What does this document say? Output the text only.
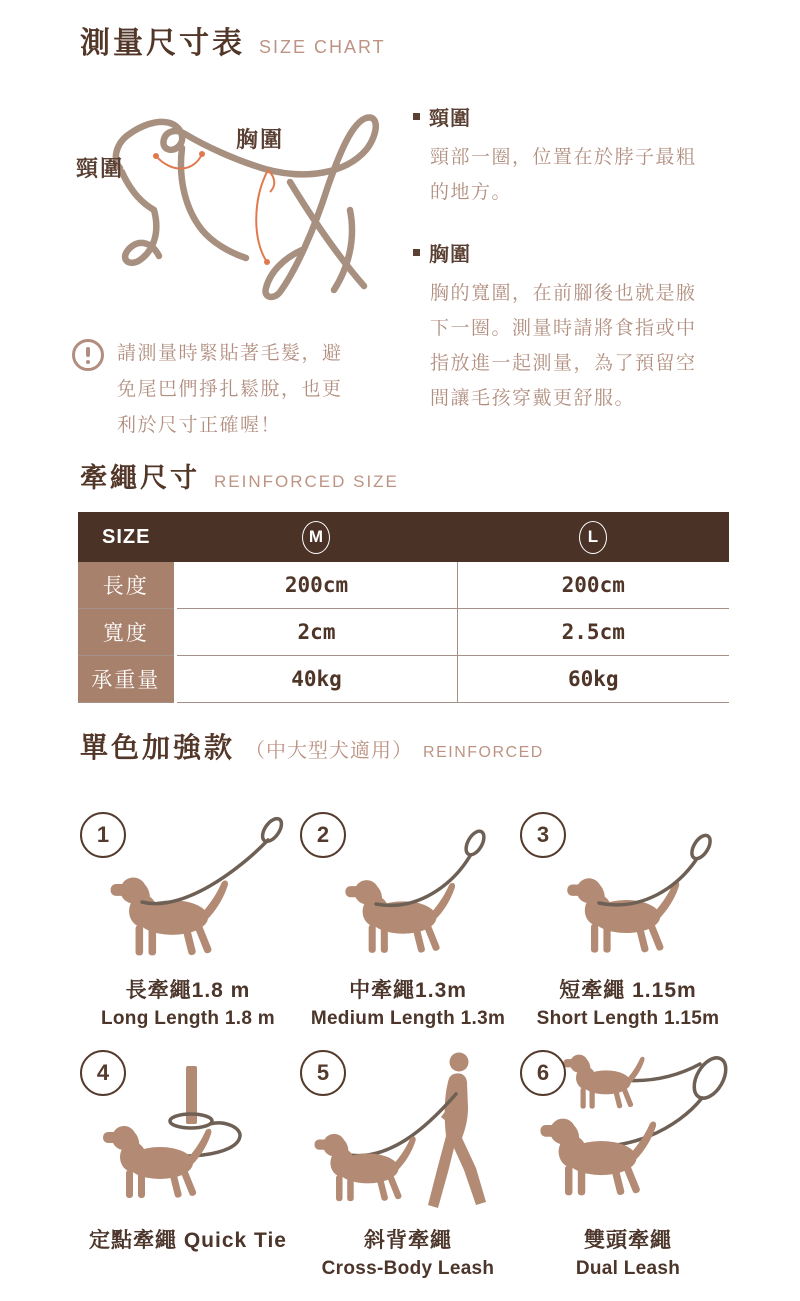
測量尺寸表 SIZE CHART
頸圍
胸圍
頸圍
頸部一圈，位置在於脖子最粗的地方。
胸圍
胸的寬圍，在前腳後也就是腋下一圈。測量時請將食指或中指放進一起測量，為了預留空間讓毛孩穿戴更舒服。
請測量時緊貼著毛髮，避免尾巴們掙扎鬆脫，也更利於尺寸正確喔！
牽繩尺寸 REINFORCED SIZE
SIZE	M	L
長度	200cm	200cm
寬度	2cm	2.5cm
承重量	40kg	60kg
單色加強款 （中大型犬適用） REINFORCED
1
長牽繩1.8 m
Long Length 1.8 m
2
中牽繩1.3m
Medium Length 1.3m
3
短牽繩 1.15m
Short Length 1.15m
4
定點牽繩 Quick Tie
5
斜背牽繩
Cross-Body Leash
6
雙頭牽繩
Dual Leash
